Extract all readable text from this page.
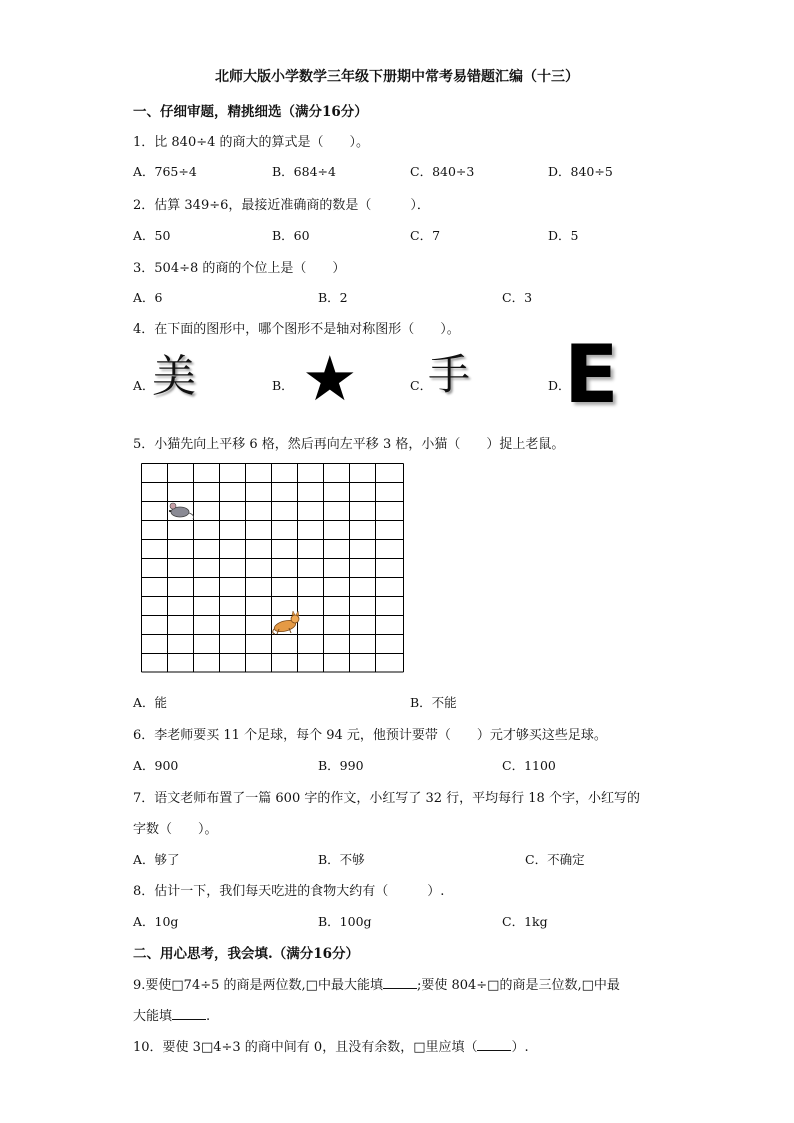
北师大版小学数学三年级下册期中常考易错题汇编（十三）
一、仔细审题，精挑细选（满分16分）
1．比 840÷4 的商大的算式是（　　）。
A．765÷4	B．684÷4	C．840÷3	D．840÷5
2．估算 349÷6，最接近准确商的数是（　　　）．
A．50	B．60	C．7	D．5
3．504÷8 的商的个位上是（　　）
A．6	B．2	C．3
4．在下面的图形中，哪个图形不是轴对称图形（　　）。
A．
美	B． ★	C．
手	D．
E
5．小猫先向上平移 6 格，然后再向左平移 3 格，小猫（　　）捉上老鼠。
A．能	B．不能
6．李老师要买 11 个足球，每个 94 元，他预计要带（　　）元才够买这些足球。
A．900	B．990	C．1100
7．语文老师布置了一篇 600 字的作文，小红写了 32 行，平均每行 18 个字，小红写的
字数（　　）。
A．够了	B．不够	C．不确定
8．估计一下，我们每天吃进的食物大约有（　　　）.
A．10g	B．100g	C．1kg
二、用心思考，我会填.（满分16分）
9.要使□74÷5 的商是两位数,□中最大能填	;要使 804÷□的商是三位数,□中最
大能填	.
10．要使 3□4÷3 的商中间有 0，且没有余数，□里应填（	）.
